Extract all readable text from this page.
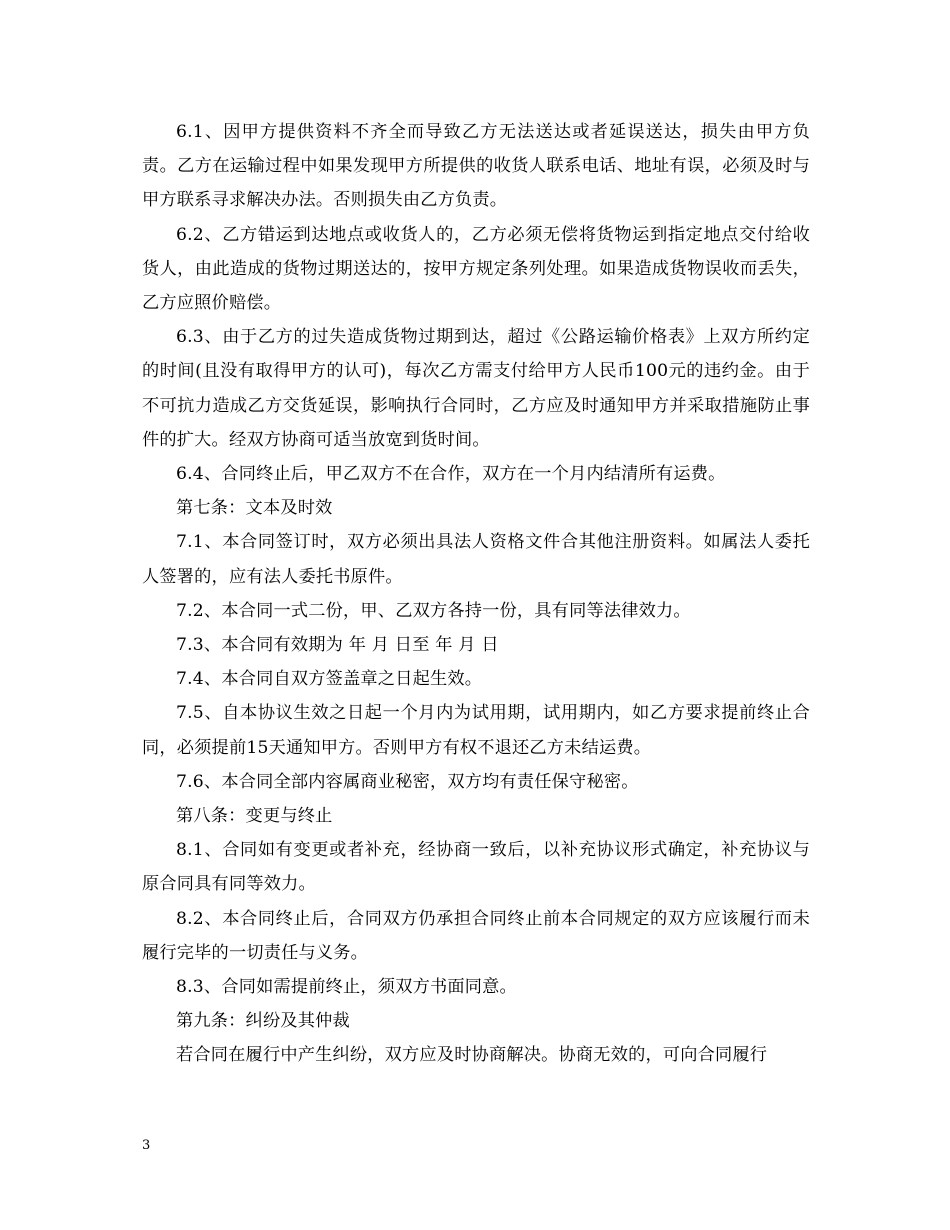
6.1、因甲方提供资料不齐全而导致乙方无法送达或者延误送达，损失由甲方负责。乙方在运输过程中如果发现甲方所提供的收货人联系电话、地址有误，必须及时与甲方联系寻求解决办法。否则损失由乙方负责。

6.2、乙方错运到达地点或收货人的，乙方必须无偿将货物运到指定地点交付给收货人，由此造成的货物过期送达的，按甲方规定条列处理。如果造成货物误收而丢失，乙方应照价赔偿。

6.3、由于乙方的过失造成货物过期到达，超过《公路运输价格表》上双方所约定的时间(且没有取得甲方的认可)，每次乙方需支付给甲方人民币100元的违约金。由于不可抗力造成乙方交货延误，影响执行合同时，乙方应及时通知甲方并采取措施防止事件的扩大。经双方协商可适当放宽到货时间。

6.4、合同终止后，甲乙双方不在合作，双方在一个月内结清所有运费。

第七条：文本及时效

7.1、本合同签订时，双方必须出具法人资格文件合其他注册资料。如属法人委托人签署的，应有法人委托书原件。

7.2、本合同一式二份，甲、乙双方各持一份，具有同等法律效力。

7.3、本合同有效期为 年 月 日至 年 月 日

7.4、本合同自双方签盖章之日起生效。

7.5、自本协议生效之日起一个月内为试用期，试用期内，如乙方要求提前终止合同，必须提前15天通知甲方。否则甲方有权不退还乙方未结运费。

7.6、本合同全部内容属商业秘密，双方均有责任保守秘密。

第八条：变更与终止

8.1、合同如有变更或者补充，经协商一致后，以补充协议形式确定，补充协议与原合同具有同等效力。

8.2、本合同终止后，合同双方仍承担合同终止前本合同规定的双方应该履行而未履行完毕的一切责任与义务。

8.3、合同如需提前终止，须双方书面同意。

第九条：纠纷及其仲裁

若合同在履行中产生纠纷，双方应及时协商解决。协商无效的，可向合同履行

3
